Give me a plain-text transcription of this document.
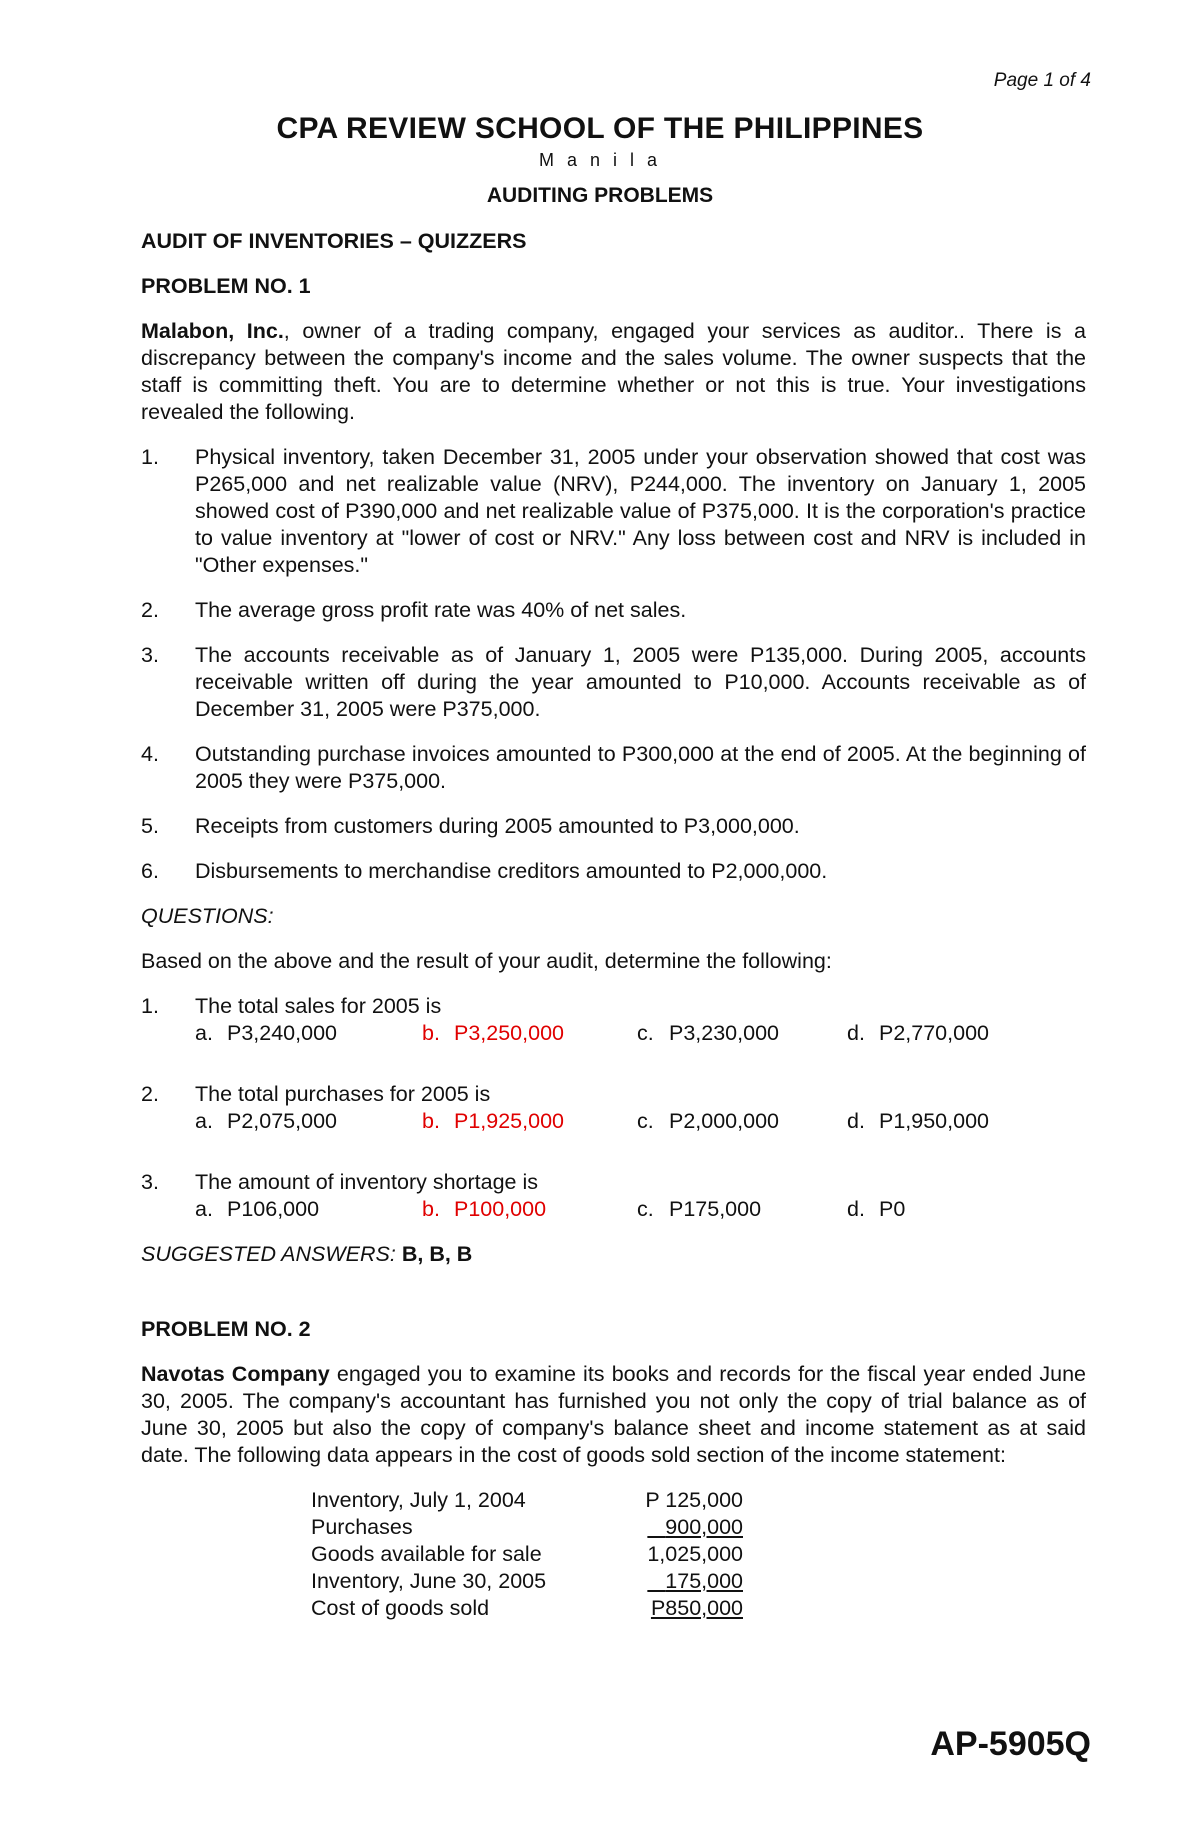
Page 1 of 4
CPA REVIEW SCHOOL OF THE PHILIPPINES
M a n i l a
AUDITING PROBLEMS
AUDIT OF INVENTORIES – QUIZZERS
PROBLEM NO. 1
Malabon, Inc., owner of a trading company, engaged your services as auditor.. There is a discrepancy between the company's income and the sales volume. The owner suspects that the staff is committing theft. You are to determine whether or not this is true. Your investigations revealed the following.
1. Physical inventory, taken December 31, 2005 under your observation showed that cost was P265,000 and net realizable value (NRV), P244,000. The inventory on January 1, 2005 showed cost of P390,000 and net realizable value of P375,000. It is the corporation's practice to value inventory at "lower of cost or NRV." Any loss between cost and NRV is included in "Other expenses."
2. The average gross profit rate was 40% of net sales.
3. The accounts receivable as of January 1, 2005 were P135,000. During 2005, accounts receivable written off during the year amounted to P10,000. Accounts receivable as of December 31, 2005 were P375,000.
4. Outstanding purchase invoices amounted to P300,000 at the end of 2005. At the beginning of 2005 they were P375,000.
5. Receipts from customers during 2005 amounted to P3,000,000.
6. Disbursements to merchandise creditors amounted to P2,000,000.
QUESTIONS:
Based on the above and the result of your audit, determine the following:
1. The total sales for 2005 is
a. P3,240,000	b. P3,250,000	c. P3,230,000	d. P2,770,000
2. The total purchases for 2005 is
a. P2,075,000	b. P1,925,000	c. P2,000,000	d. P1,950,000
3. The amount of inventory shortage is
a. P106,000	b. P100,000	c. P175,000	d. P0
SUGGESTED ANSWERS: B, B, B
PROBLEM NO. 2
Navotas Company engaged you to examine its books and records for the fiscal year ended June 30, 2005. The company's accountant has furnished you not only the copy of trial balance as of June 30, 2005 but also the copy of company's balance sheet and income statement as at said date. The following data appears in the cost of goods sold section of the income statement:
Inventory, July 1, 2004	P 125,000
Purchases	900,000
Goods available for sale	1,025,000
Inventory, June 30, 2005	175,000
Cost of goods sold	P850,000
AP-5905Q
